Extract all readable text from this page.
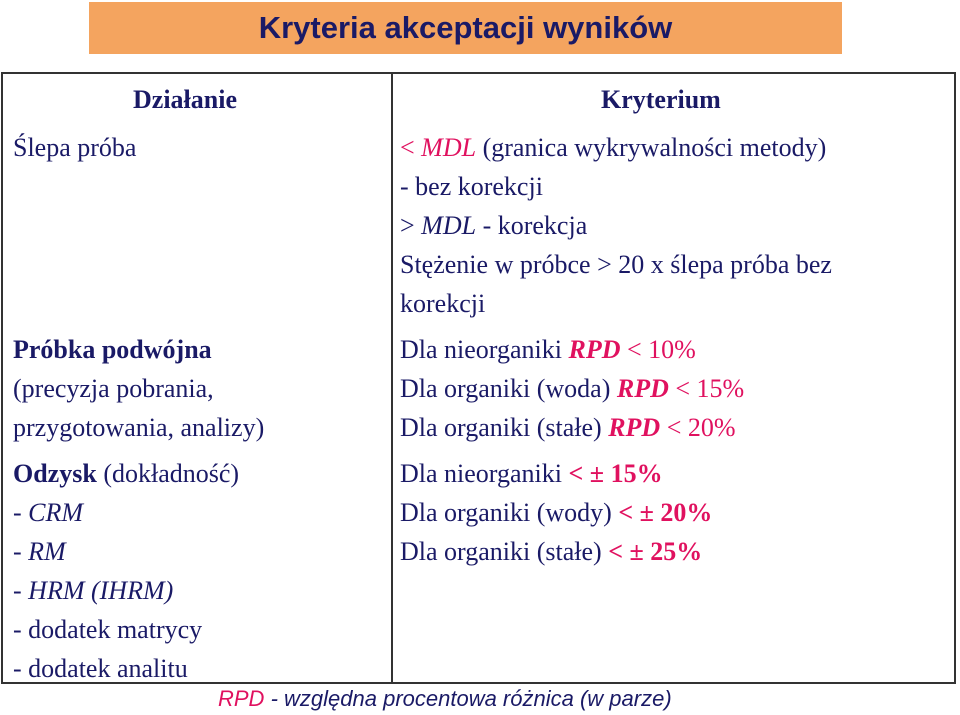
Kryteria akceptacji wyników
Działanie	Kryterium
Ślepa próba	< MDL (granica wykrywalności metody)
- bez korekcji
> MDL - korekcja
Stężenie w próbce > 20 x ślepa próba bez
korekcji
Próbka podwójna
(precyzja pobrania,
przygotowania, analizy)
Dla nieorganiki RPD < 10%
Dla organiki (woda) RPD < 15%
Dla organiki (stałe) RPD < 20%
Odzysk (dokładność)
- CRM
- RM
- HRM (IHRM)
- dodatek matrycy
- dodatek analitu
Dla nieorganiki < ± 15%
Dla organiki (wody) < ± 20%
Dla organiki (stałe) < ± 25%
RPD - względna procentowa różnica (w parze)
